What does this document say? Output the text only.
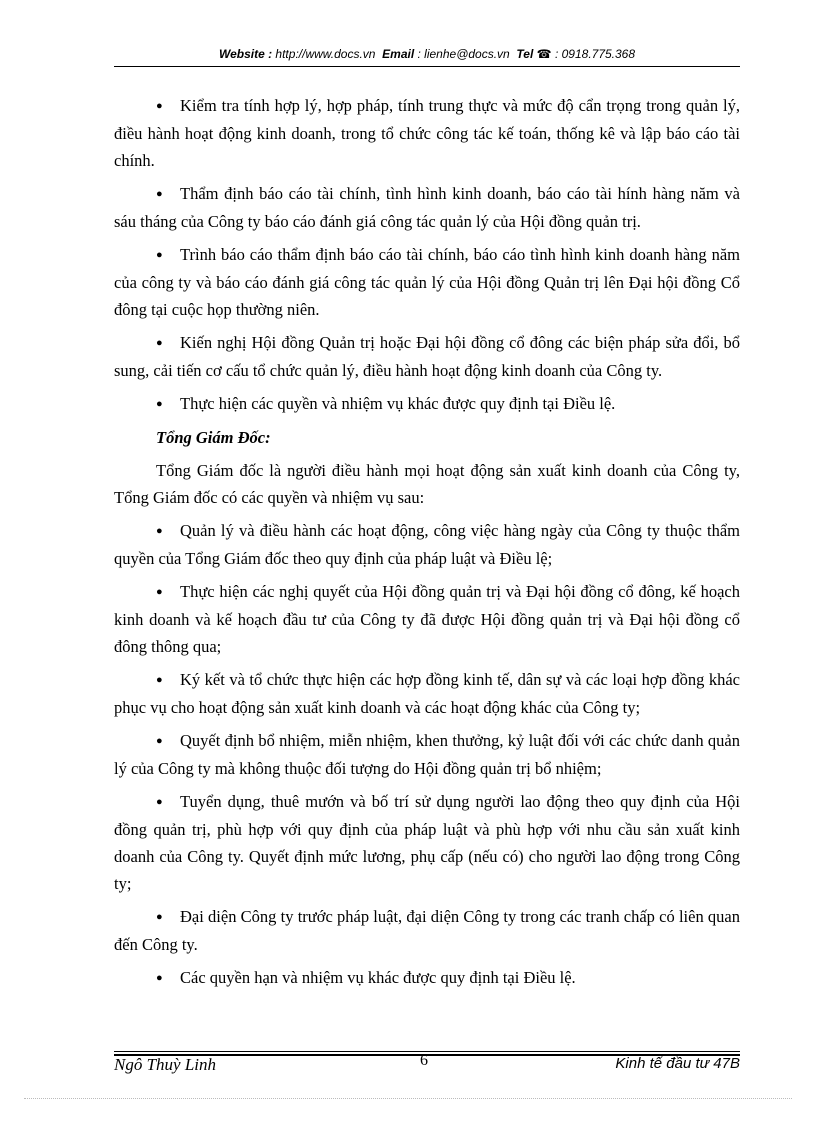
Website : http://www.docs.vn Email : lienhe@docs.vn Tel ☎ : 0918.775.368

● Kiểm tra tính hợp lý, hợp pháp, tính trung thực và mức độ cẩn trọng trong quản lý, điều hành hoạt động kinh doanh, trong tổ chức công tác kế toán, thống kê và lập báo cáo tài chính.

● Thẩm định báo cáo tài chính, tình hình kinh doanh, báo cáo tài hính hàng năm và sáu tháng của Công ty báo cáo đánh giá công tác quản lý của Hội đồng quản trị.

● Trình báo cáo thẩm định báo cáo tài chính, báo cáo tình hình kinh doanh hàng năm của công ty và báo cáo đánh giá công tác quản lý của Hội đồng Quản trị lên Đại hội đồng Cổ đông tại cuộc họp thường niên.

● Kiến nghị Hội đồng Quản trị hoặc Đại hội đồng cổ đông các biện pháp sửa đổi, bổ sung, cải tiến cơ cấu tổ chức quản lý, điều hành hoạt động kinh doanh của Công ty.

● Thực hiện các quyền và nhiệm vụ khác được quy định tại Điều lệ.

Tổng Giám Đốc:

Tổng Giám đốc là người điều hành mọi hoạt động sản xuất kinh doanh của Công ty, Tổng Giám đốc có các quyền và nhiệm vụ sau:

● Quản lý và điều hành các hoạt động, công việc hàng ngày của Công ty thuộc thẩm quyền của Tổng Giám đốc theo quy định của pháp luật và Điều lệ;

● Thực hiện các nghị quyết của Hội đồng quản trị và Đại hội đồng cổ đông, kế hoạch kinh doanh và kế hoạch đầu tư của Công ty đã được Hội đồng quản trị và Đại hội đồng cổ đông thông qua;

● Ký kết và tổ chức thực hiện các hợp đồng kinh tế, dân sự và các loại hợp đồng khác phục vụ cho hoạt động sản xuất kinh doanh và các hoạt động khác của Công ty;

● Quyết định bổ nhiệm, miễn nhiệm, khen thưởng, kỷ luật đối với các chức danh quản lý của Công ty mà không thuộc đối tượng do Hội đồng quản trị bổ nhiệm;

● Tuyển dụng, thuê mướn và bố trí sử dụng người lao động theo quy định của Hội đồng quản trị, phù hợp với quy định của pháp luật và phù hợp với nhu cầu sản xuất kinh doanh của Công ty. Quyết định mức lương, phụ cấp (nếu có) cho người lao động trong Công ty;

● Đại diện Công ty trước pháp luật, đại diện Công ty trong các tranh chấp có liên quan đến Công ty.

● Các quyền hạn và nhiệm vụ khác được quy định tại Điều lệ.

Ngô Thuỳ Linh	6	Kinh tế đầu tư 47B
